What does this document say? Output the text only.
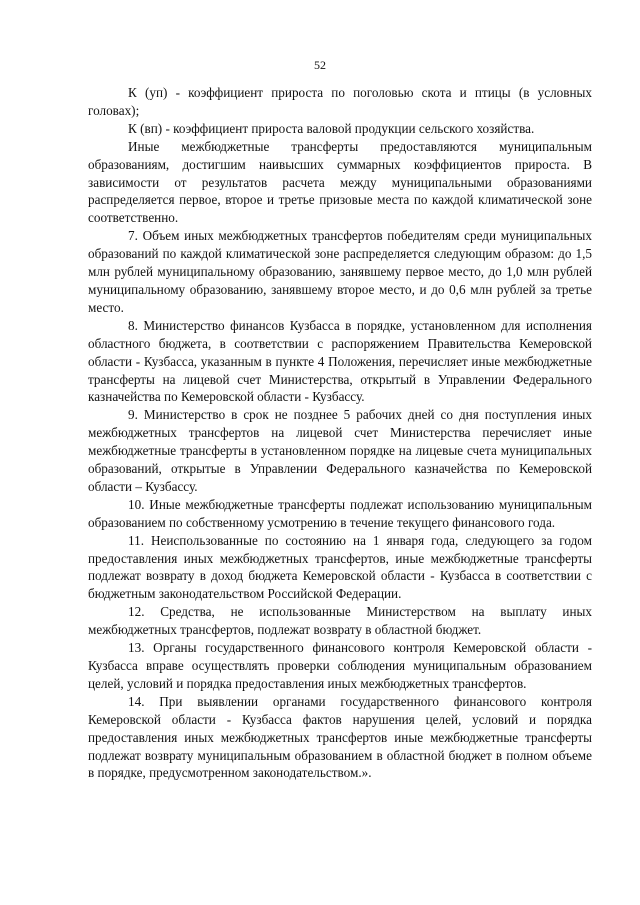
52

К (уп) - коэффициент прироста по поголовью скота и птицы (в условных головах);

К (вп) - коэффициент прироста валовой продукции сельского хозяйства.

Иные межбюджетные трансферты предоставляются муниципальным образованиям, достигшим наивысших суммарных коэффициентов прироста. В зависимости от результатов расчета между муниципальными образованиями распределяется первое, второе и третье призовые места по каждой климатической зоне соответственно.

7. Объем иных межбюджетных трансфертов победителям среди муниципальных образований по каждой климатической зоне распределяется следующим образом: до 1,5 млн рублей муниципальному образованию, занявшему первое место, до 1,0 млн рублей муниципальному образованию, занявшему второе место, и до 0,6 млн рублей за третье место.

8. Министерство финансов Кузбасса в порядке, установленном для исполнения областного бюджета, в соответствии с распоряжением Правительства Кемеровской области - Кузбасса, указанным в пункте 4 Положения, перечисляет иные межбюджетные трансферты на лицевой счет Министерства, открытый в Управлении Федерального казначейства по Кемеровской области - Кузбассу.

9. Министерство в срок не позднее 5 рабочих дней со дня поступления иных межбюджетных трансфертов на лицевой счет Министерства перечисляет иные межбюджетные трансферты в установленном порядке на лицевые счета муниципальных образований, открытые в Управлении Федерального казначейства по Кемеровской области – Кузбассу.

10. Иные межбюджетные трансферты подлежат использованию муниципальным образованием по собственному усмотрению в течение текущего финансового года.

11. Неиспользованные по состоянию на 1 января года, следующего за годом предоставления иных межбюджетных трансфертов, иные межбюджетные трансферты подлежат возврату в доход бюджета Кемеровской области - Кузбасса в соответствии с бюджетным законодательством Российской Федерации.

12. Средства, не использованные Министерством на выплату иных межбюджетных трансфертов, подлежат возврату в областной бюджет.

13. Органы государственного финансового контроля Кемеровской области - Кузбасса вправе осуществлять проверки соблюдения муниципальным образованием целей, условий и порядка предоставления иных межбюджетных трансфертов.

14. При выявлении органами государственного финансового контроля Кемеровской области - Кузбасса фактов нарушения целей, условий и порядка предоставления иных межбюджетных трансфертов иные межбюджетные трансферты подлежат возврату муниципальным образованием в областной бюджет в полном объеме в порядке, предусмотренном законодательством.».
